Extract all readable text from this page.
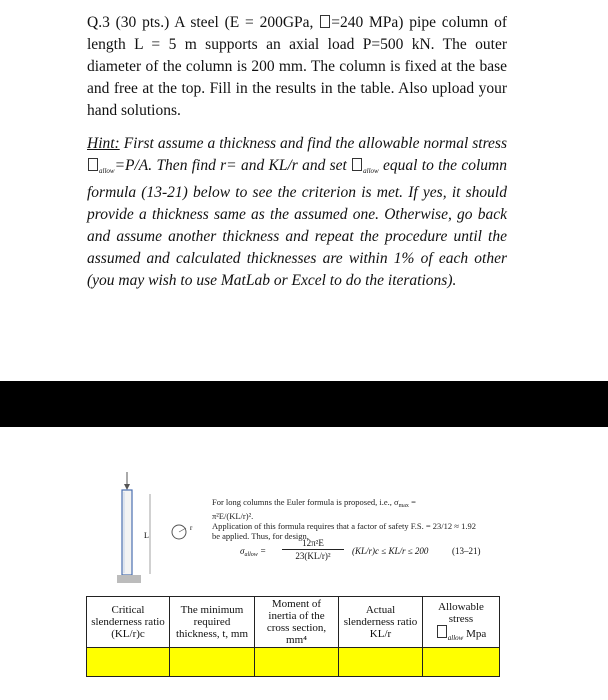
Q.3 (30 pts.) A steel (E = 200GPa, =240 MPa) pipe column of length L = 5 m supports an axial load P=500 kN. The outer diameter of the column is 200 mm. The column is fixed at the base and free at the top. Fill in the results in the table. Also upload your hand solutions.
Hint: First assume a thickness and find the allowable normal stress $_{allow}$=P/A. Then find r= and KL/r and set $_{allow}$ equal to the column formula (13-21) below to see the criterion is met. If yes, it should provide a thickness same as the assumed one. Otherwise, go back and assume another thickness and repeat the procedure until the assumed and calculated thicknesses are within 1% of each other (you may wish to use MatLab or Excel to do the iterations).
L
r
For long columns the Euler formula is proposed, i.e., $\sigma_{max}$ =
π²E/(KL/r)².
Application of this formula requires that a factor of safety F.S. = 23/12 ≈ 1.92
be applied. Thus, for design,
$\sigma_{allow} = \frac{\text{12π²E}}{\text{23(KL/r)²}} (KL/r)c \le KL/r \le 200$	(13–21)
Critical slenderness ratio (KL/r)c	The minimum required thickness, t, mm	Moment of inertia of the cross section, mm⁴	Actual slenderness ratio KL/r	Allowable stress
$_{allow}$ Mpa
